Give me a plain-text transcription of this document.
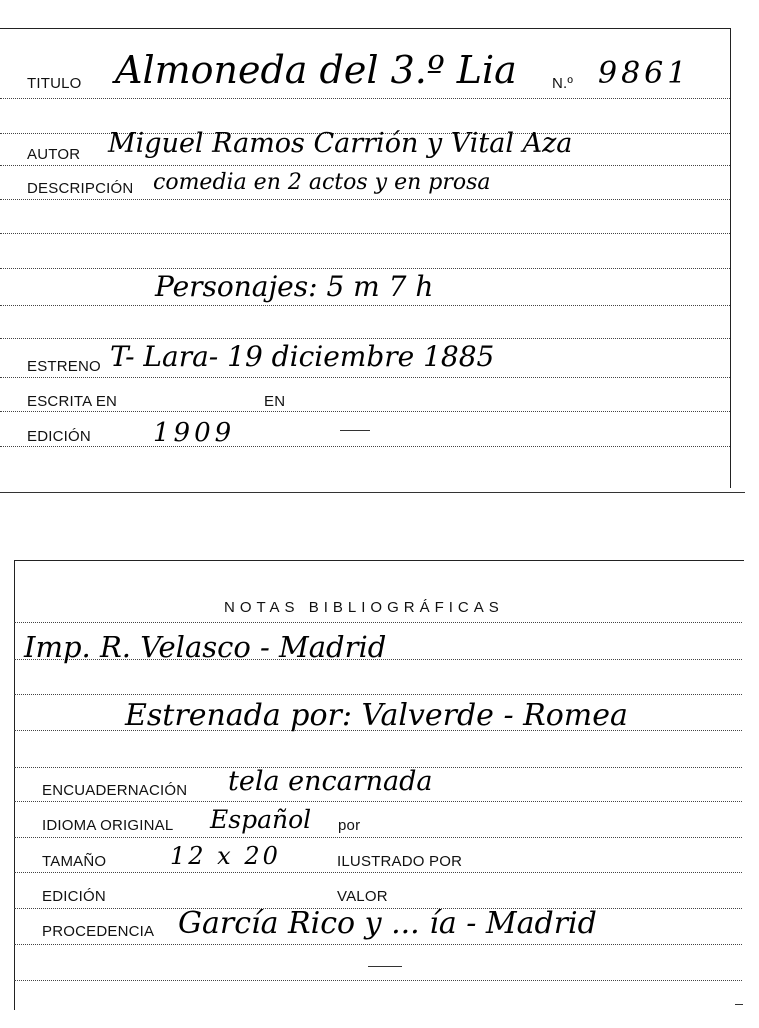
TITULO Almoneda del 3.º Lia N.º 9861
AUTOR Miguel Ramos Carrión y Vital Aza
DESCRIPCIÓN comedia en 2 actos y en prosa
Personajes: 5 m 7 h
ESTRENO T- Lara- 19 diciembre 1885
ESCRITA EN	EN
EDICIÓN 1909
NOTAS BIBLIOGRÁFICAS
Imp. R. Velasco - Madrid
Estrenada por: Valverde - Romea
ENCUADERNACIÓN tela encarnada
IDIOMA ORIGINAL Español por
TAMAÑO	12 x 20	ILUSTRADO POR
EDICIÓN	VALOR
PROCEDENCIA García Rico y ... ía - Madrid
